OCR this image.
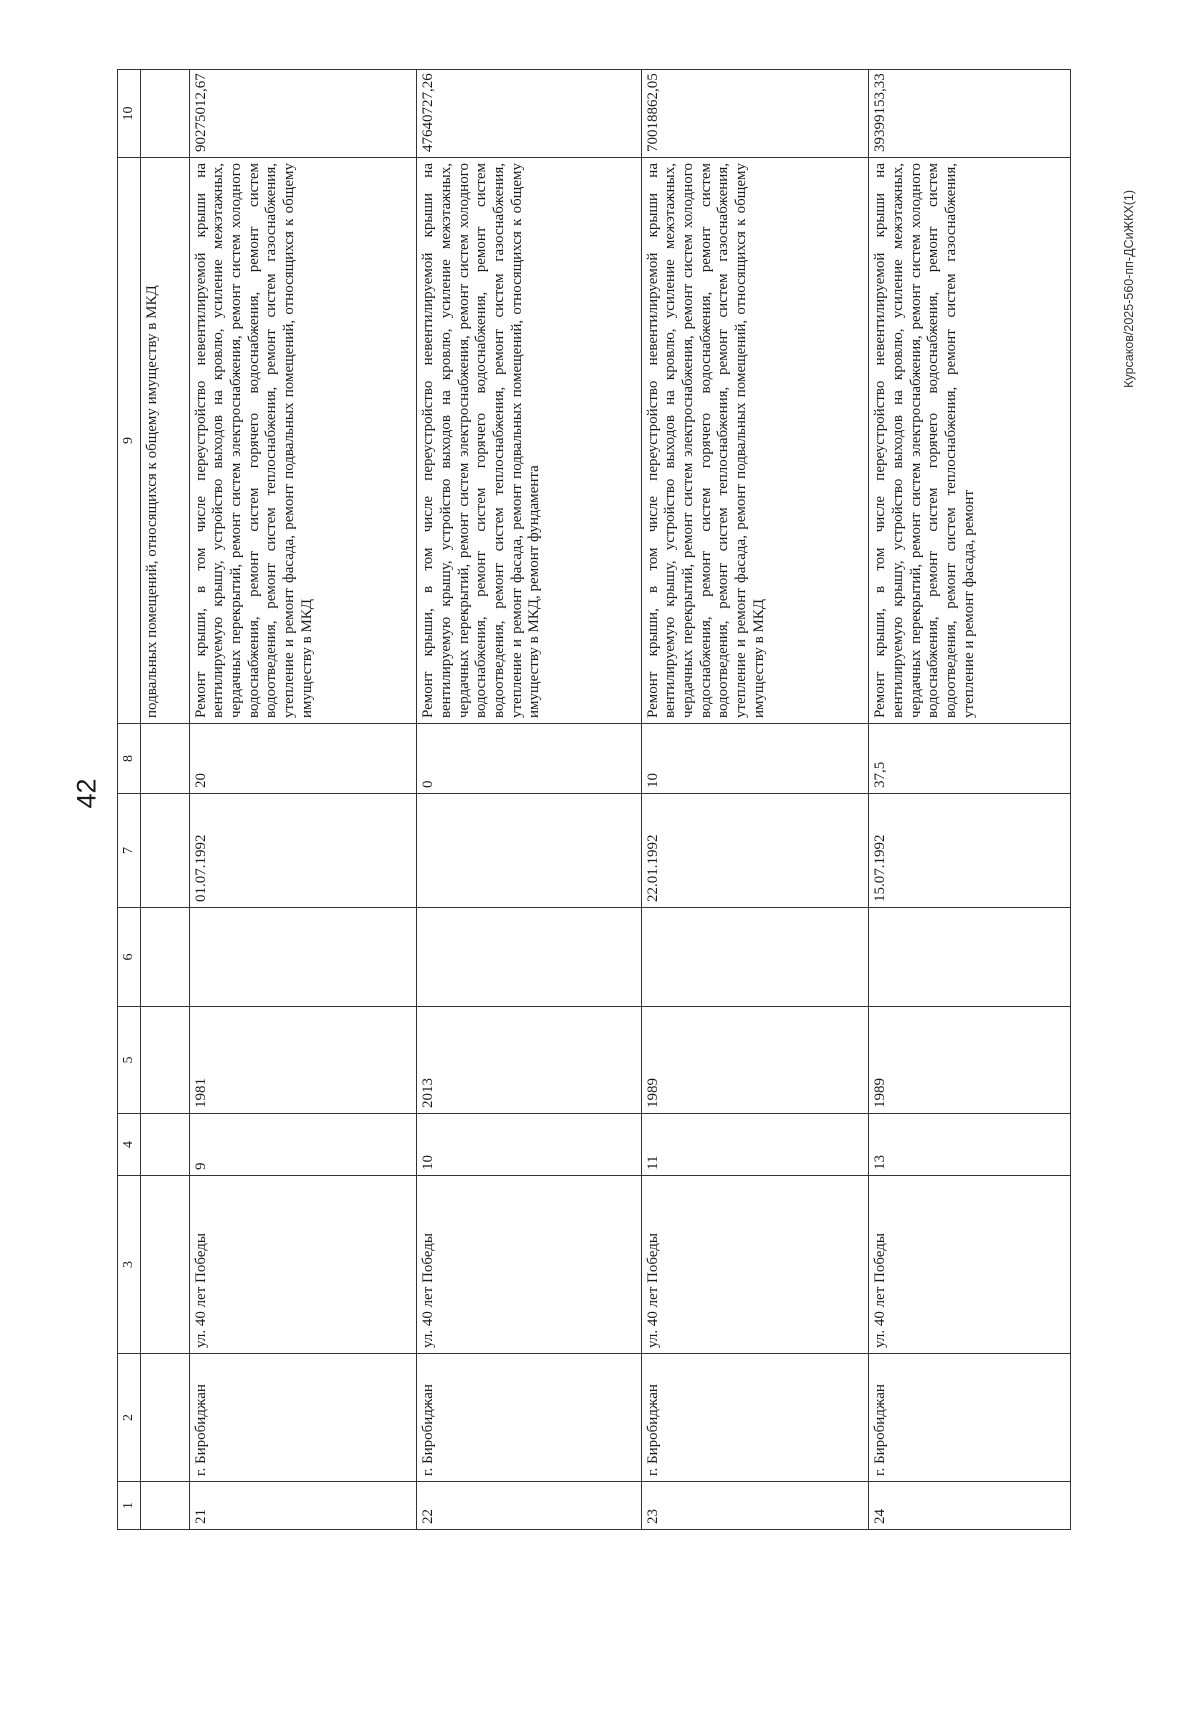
42
Курсаков/2025-560-пп-ДСиЖКХ(1)
1	2	3	4	5	6	7	8	9	10
								подвальных помещений, относящихся к общему имуществу в МКД	
21	г. Биробиджан	ул. 40 лет Победы	9	1981		01.07.1992	20	Ремонт крыши, в том числе переустройство невентилируемой крыши на вентилируемую крышу, устройство выходов на кровлю, усиление межэтажных, чердачных перекрытий, ремонт систем электроснабжения, ремонт систем холодного водоснабжения, ремонт систем горячего водоснабжения, ремонт систем водоотведения, ремонт систем теплоснабжения, ремонт систем газоснабжения, утепление и ремонт фасада, ремонт подвальных помещений, относящихся к общему имуществу в МКД	90275012,67
22	г. Биробиджан	ул. 40 лет Победы	10	2013			0	Ремонт крыши, в том числе переустройство невентилируемой крыши на вентилируемую крышу, устройство выходов на кровлю, усиление межэтажных, чердачных перекрытий, ремонт систем электроснабжения, ремонт систем холодного водоснабжения, ремонт систем горячего водоснабжения, ремонт систем водоотведения, ремонт систем теплоснабжения, ремонт систем газоснабжения, утепление и ремонт фасада, ремонт подвальных помещений, относящихся к общему имуществу в МКД, ремонт фундамента	47640727,26
23	г. Биробиджан	ул. 40 лет Победы	11	1989		22.01.1992	10	Ремонт крыши, в том числе переустройство невентилируемой крыши на вентилируемую крышу, устройство выходов на кровлю, усиление межэтажных, чердачных перекрытий, ремонт систем электроснабжения, ремонт систем холодного водоснабжения, ремонт систем горячего водоснабжения, ремонт систем водоотведения, ремонт систем теплоснабжения, ремонт систем газоснабжения, утепление и ремонт фасада, ремонт подвальных помещений, относящихся к общему имуществу в МКД	70018862,05
24	г. Биробиджан	ул. 40 лет Победы	13	1989		15.07.1992	37,5	Ремонт крыши, в том числе переустройство невентилируемой крыши на вентилируемую крышу, устройство выходов на кровлю, усиление межэтажных, чердачных перекрытий, ремонт систем электроснабжения, ремонт систем холодного водоснабжения, ремонт систем горячего водоснабжения, ремонт систем водоотведения, ремонт систем теплоснабжения, ремонт систем газоснабжения, утепление и ремонт фасада, ремонт	39399153,33
